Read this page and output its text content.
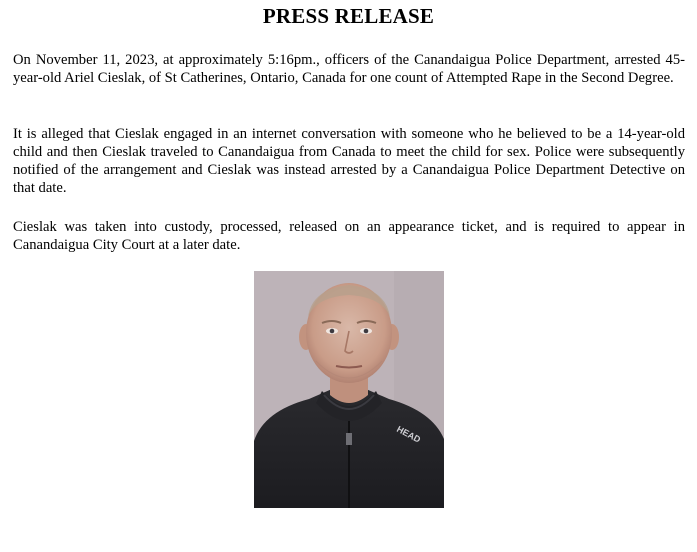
PRESS RELEASE

On November 11, 2023, at approximately 5:16pm., officers of the Canandaigua Police Department, arrested 45-year-old Ariel Cieslak, of St Catherines, Ontario, Canada for one count of Attempted Rape in the Second Degree.

It is alleged that Cieslak engaged in an internet conversation with someone who he believed to be a 14-year-old child and then Cieslak traveled to Canandaigua from Canada to meet the child for sex. Police were subsequently notified of the arrangement and Cieslak was instead arrested by a Canandaigua Police Department Detective on that date.

Cieslak was taken into custody, processed, released on an appearance ticket, and is required to appear in Canandaigua City Court at a later date.

HEAD
